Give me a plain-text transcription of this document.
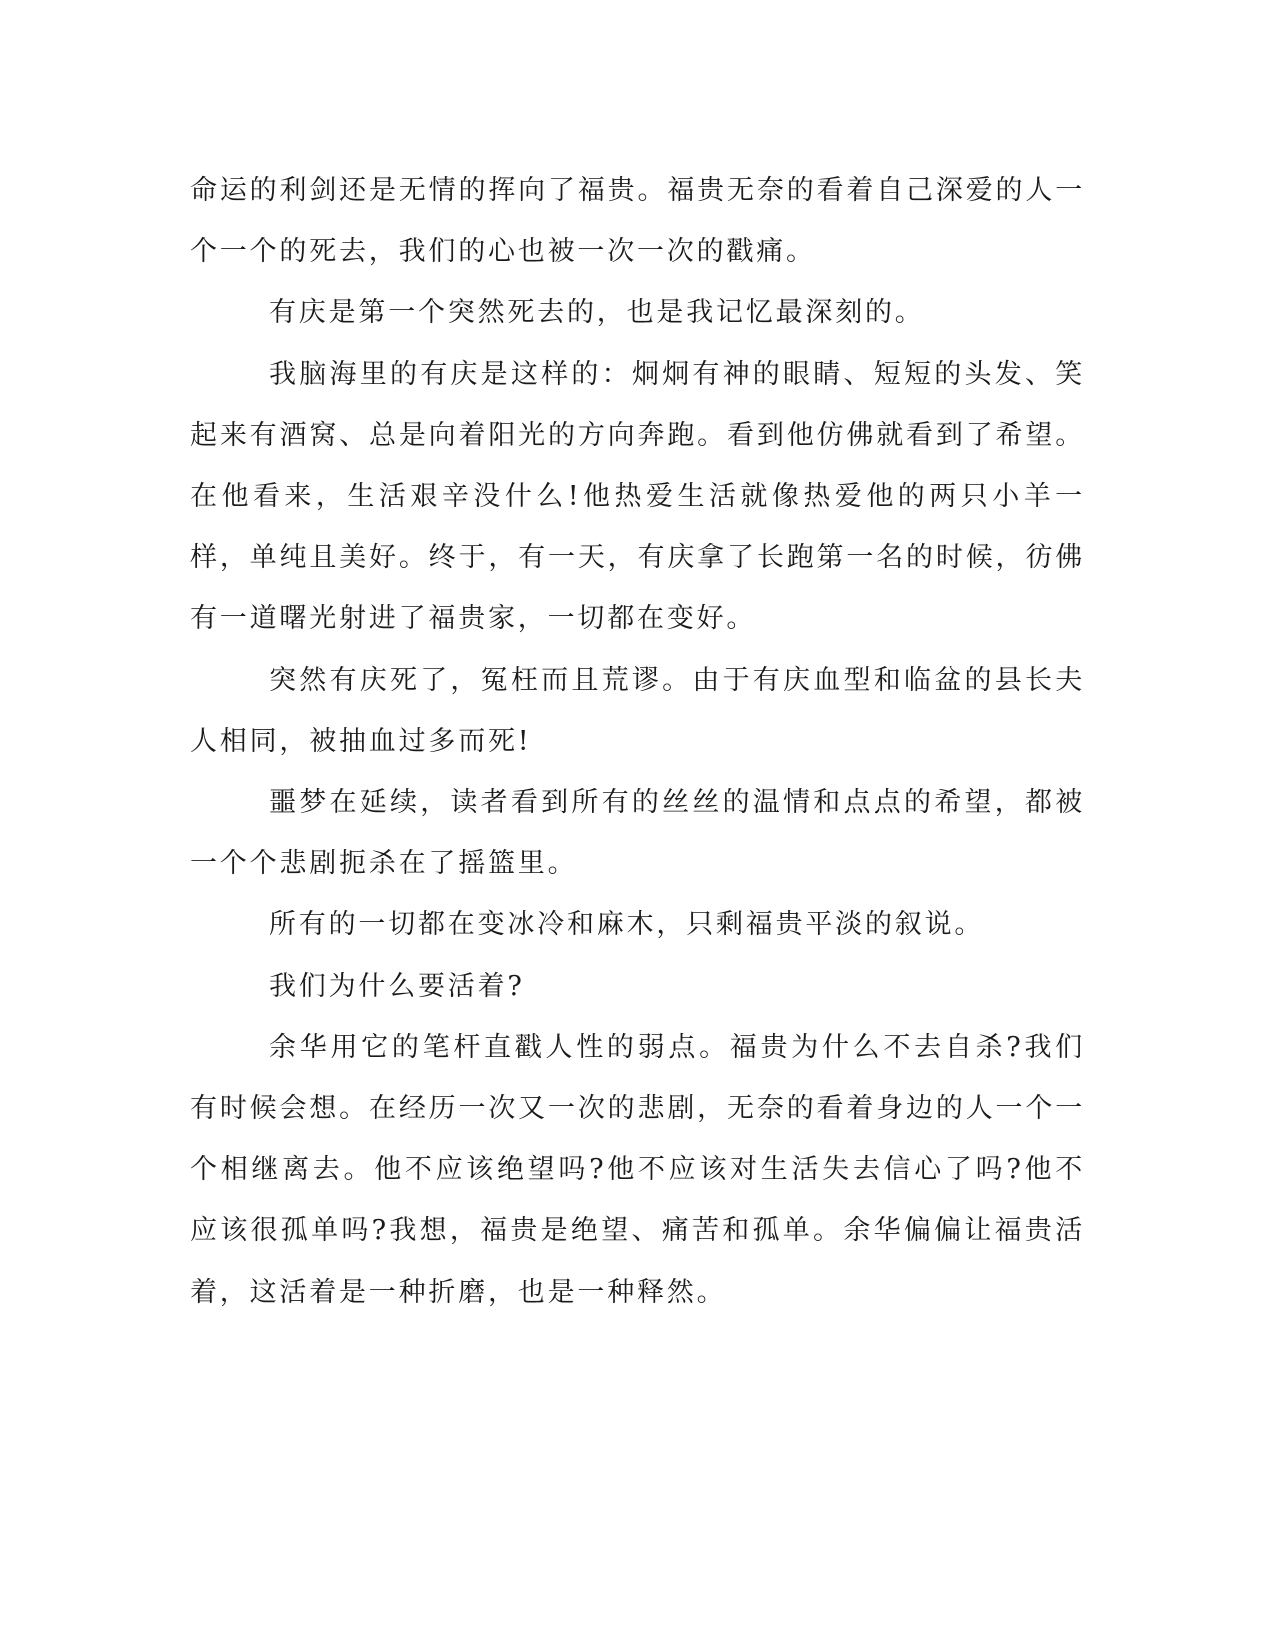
命运的利剑还是无情的挥向了福贵。福贵无奈的看着自己深爱的人一个一个的死去，我们的心也被一次一次的戳痛。

有庆是第一个突然死去的，也是我记忆最深刻的。

我脑海里的有庆是这样的：炯炯有神的眼睛、短短的头发、笑起来有酒窝、总是向着阳光的方向奔跑。看到他仿佛就看到了希望。在他看来，生活艰辛没什么!他热爱生活就像热爱他的两只小羊一样，单纯且美好。终于，有一天，有庆拿了长跑第一名的时候，彷佛有一道曙光射进了福贵家，一切都在变好。

突然有庆死了，冤枉而且荒谬。由于有庆血型和临盆的县长夫人相同，被抽血过多而死!

噩梦在延续，读者看到所有的丝丝的温情和点点的希望，都被一个个悲剧扼杀在了摇篮里。

所有的一切都在变冰冷和麻木，只剩福贵平淡的叙说。

我们为什么要活着?

余华用它的笔杆直戳人性的弱点。福贵为什么不去自杀?我们有时候会想。在经历一次又一次的悲剧，无奈的看着身边的人一个一个相继离去。他不应该绝望吗?他不应该对生活失去信心了吗?他不应该很孤单吗?我想，福贵是绝望、痛苦和孤单。余华偏偏让福贵活着，这活着是一种折磨，也是一种释然。
